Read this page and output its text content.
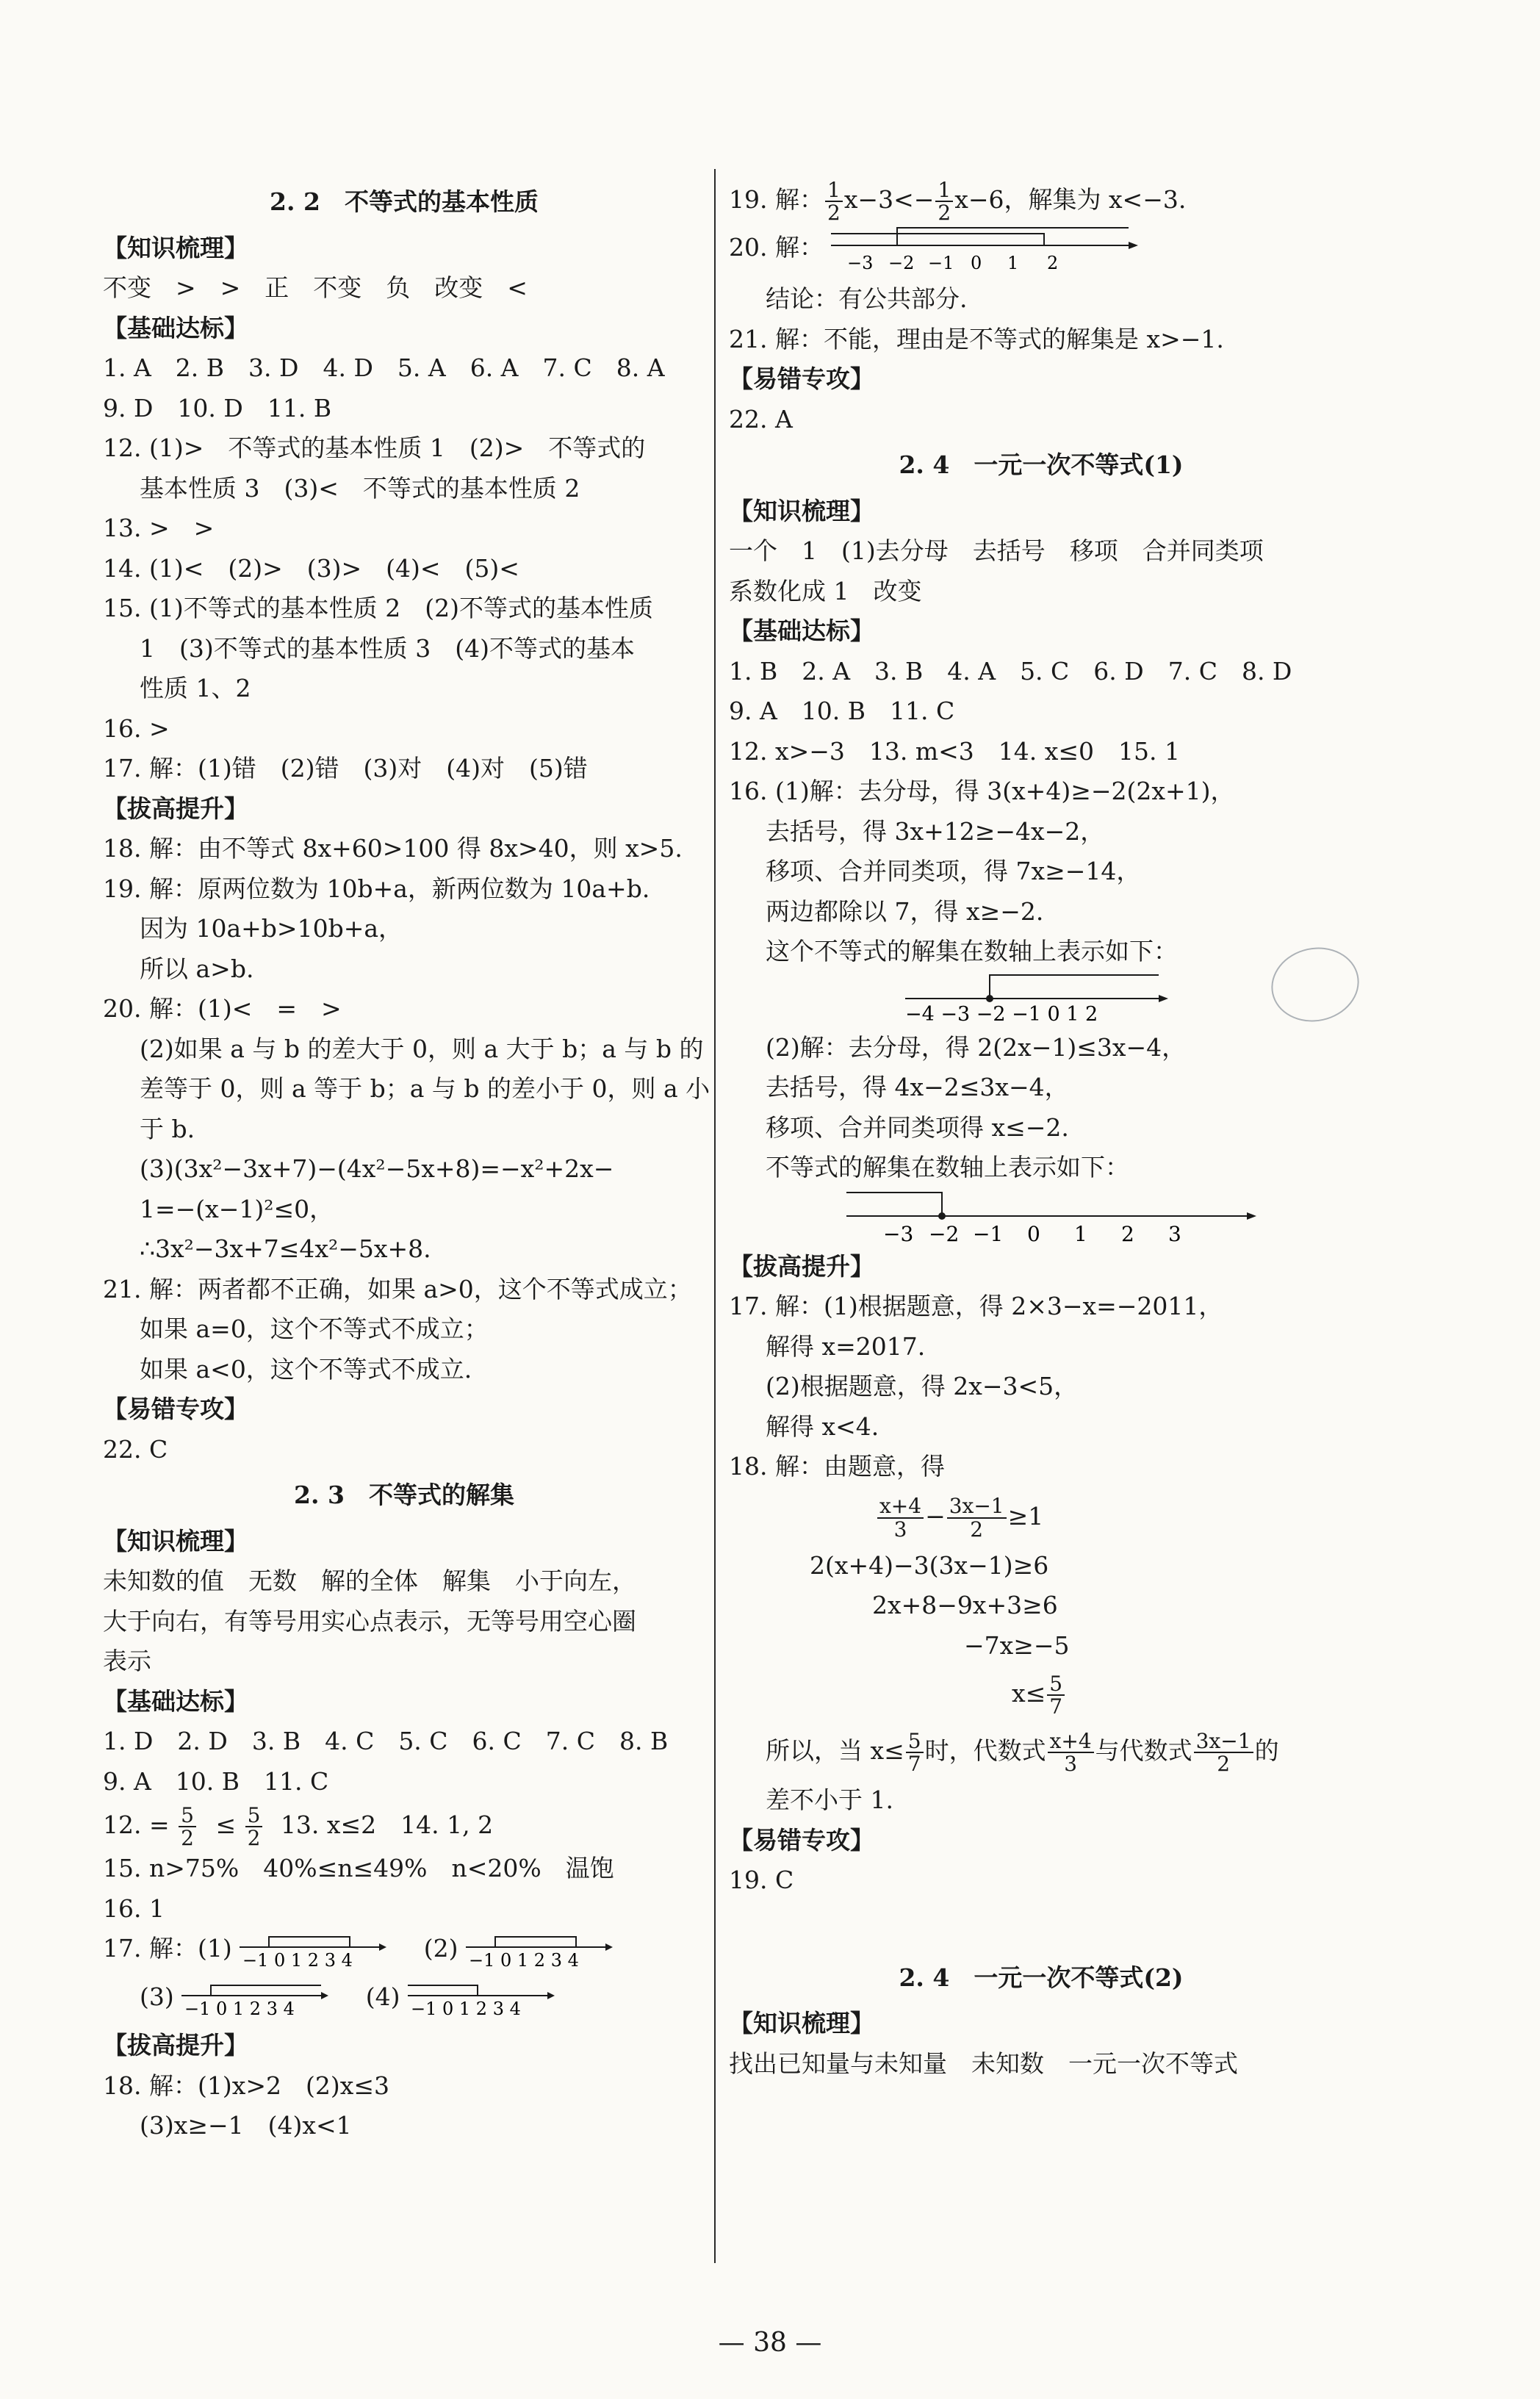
2. 2　不等式的基本性质
【知识梳理】
不变　>　>　正　不变　负　改变　<
【基础达标】
1. A　2. B　3. D　4. D　5. A　6. A　7. C　8. A
9. D　10. D　11. B
12. (1)>　不等式的基本性质 1　(2)>　不等式的
基本性质 3　(3)<　不等式的基本性质 2
13. >　>
14. (1)<　(2)>　(3)>　(4)<　(5)<
15. (1)不等式的基本性质 2　(2)不等式的基本性质
1　(3)不等式的基本性质 3　(4)不等式的基本
性质 1、2
16. >
17. 解：(1)错　(2)错　(3)对　(4)对　(5)错
【拔高提升】
18. 解：由不等式 8x+60>100 得 8x>40，则 x>5.
19. 解：原两位数为 10b+a，新两位数为 10a+b.
因为 10a+b>10b+a，
所以 a>b.
20. 解：(1)<　=　>
(2)如果 a 与 b 的差大于 0，则 a 大于 b；a 与 b 的
差等于 0，则 a 等于 b；a 与 b 的差小于 0，则 a 小
于 b.
(3)(3x²−3x+7)−(4x²−5x+8)=−x²+2x−
1=−(x−1)²≤0，
∴3x²−3x+7≤4x²−5x+8.
21. 解：两者都不正确，如果 a>0，这个不等式成立；
如果 a=0，这个不等式不成立；
如果 a<0，这个不等式不成立.
【易错专攻】
22. C
2. 3　不等式的解集
【知识梳理】
未知数的值　无数　解的全体　解集　小于向左，
大于向右，有等号用实心点表示，无等号用空心圈
表示
【基础达标】
1. D　2. D　3. B　4. C　5. C　6. C　7. C　8. B
9. A　10. B　11. C
12. = $\frac{5}{2} \le \frac{5}{2} 13$. x≤2　14. 1, 2
15. n>75%　40%≤n≤49%　n<20%　温饱
16. 1
17. 解：(1) −1 0 1 2 3 4	(2) −1 0 1 2 3 4
(3) −1 0 1 2 3 4	(4) −1 0 1 2 3 4
【拔高提升】
18. 解：(1)x>2　(2)x≤3
(3)x≥−1　(4)x<1
19. 解： $\frac{1}{2} x-3<- \frac{1}{2} x-6$，解集为 x<−3.
20. 解：
−3 −2 −1 0 1 2
结论：有公共部分.
21. 解：不能，理由是不等式的解集是 x>−1.
【易错专攻】
22. A
2. 4　一元一次不等式(1)
【知识梳理】
一个　1　(1)去分母　去括号　移项　合并同类项
系数化成 1　改变
【基础达标】
1. B　2. A　3. B　4. A　5. C　6. D　7. C　8. D
9. A　10. B　11. C
12. x>−3　13. m<3　14. x≤0　15. 1
16. (1)解：去分母，得 3(x+4)≥−2(2x+1)，
去括号，得 3x+12≥−4x−2，
移项、合并同类项，得 7x≥−14，
两边都除以 7，得 x≥−2.
这个不等式的解集在数轴上表示如下：
−4 −3 −2 −1 0 1 2
(2)解：去分母，得 2(2x−1)≤3x−4，
去括号，得 4x−2≤3x−4，
移项、合并同类项得 x≤−2.
不等式的解集在数轴上表示如下：
−3 −2 −1 0 1 2 3
【拔高提升】
17. 解：(1)根据题意，得 2×3−x=−2011，
解得 x=2017.
(2)根据题意，得 2x−3<5，
解得 x<4.
18. 解：由题意，得
$\frac{x+4}{3} - \frac{3x-1}{2} \ge 1$
2(x+4)−3(3x−1)≥6
2x+8−9x+3≥6
−7x≥−5
$x\le \frac{5}{7}$
所以，当 $x\le \frac{5}{7}$ 时，代数式 $\frac{x+4}{3}$ 与代数式 $\frac{3x-1}{2}$ 的
差不小于 1.
【易错专攻】
19. C
2. 4　一元一次不等式(2)
【知识梳理】
找出已知量与未知量　未知数　一元一次不等式
— 38 —
